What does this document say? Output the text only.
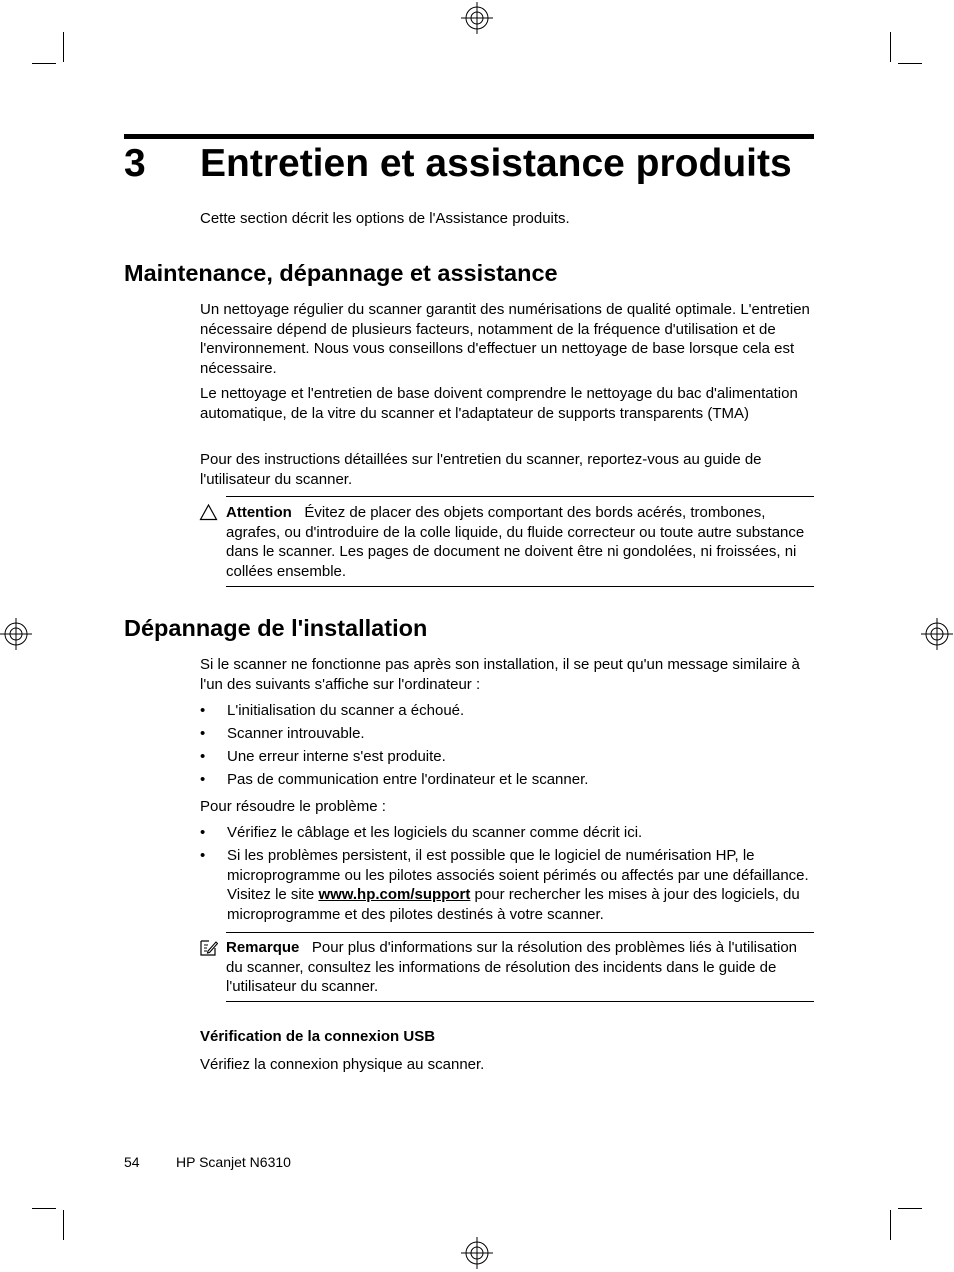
3 Entretien et assistance produits
Cette section décrit les options de l'Assistance produits.
Maintenance, dépannage et assistance
Un nettoyage régulier du scanner garantit des numérisations de qualité optimale. L'entretien nécessaire dépend de plusieurs facteurs, notamment de la fréquence d'utilisation et de l'environnement. Nous vous conseillons d'effectuer un nettoyage de base lorsque cela est nécessaire.
Le nettoyage et l'entretien de base doivent comprendre le nettoyage du bac d'alimentation automatique, de la vitre du scanner et l'adaptateur de supports transparents (TMA)
Pour des instructions détaillées sur l'entretien du scanner, reportez-vous au guide de l'utilisateur du scanner.
Attention Évitez de placer des objets comportant des bords acérés, trombones, agrafes, ou d'introduire de la colle liquide, du fluide correcteur ou toute autre substance dans le scanner. Les pages de document ne doivent être ni gondolées, ni froissées, ni collées ensemble.
Dépannage de l'installation
Si le scanner ne fonctionne pas après son installation, il se peut qu'un message similaire à l'un des suivants s'affiche sur l'ordinateur :
• L'initialisation du scanner a échoué.
• Scanner introuvable.
• Une erreur interne s'est produite.
• Pas de communication entre l'ordinateur et le scanner.
Pour résoudre le problème :
• Vérifiez le câblage et les logiciels du scanner comme décrit ici.
• Si les problèmes persistent, il est possible que le logiciel de numérisation HP, le microprogramme ou les pilotes associés soient périmés ou affectés par une défaillance. Visitez le site www.hp.com/support pour rechercher les mises à jour des logiciels, du microprogramme et des pilotes destinés à votre scanner.
Remarque Pour plus d'informations sur la résolution des problèmes liés à l'utilisation du scanner, consultez les informations de résolution des incidents dans le guide de l'utilisateur du scanner.
Vérification de la connexion USB
Vérifiez la connexion physique au scanner.
54	HP Scanjet N6310
